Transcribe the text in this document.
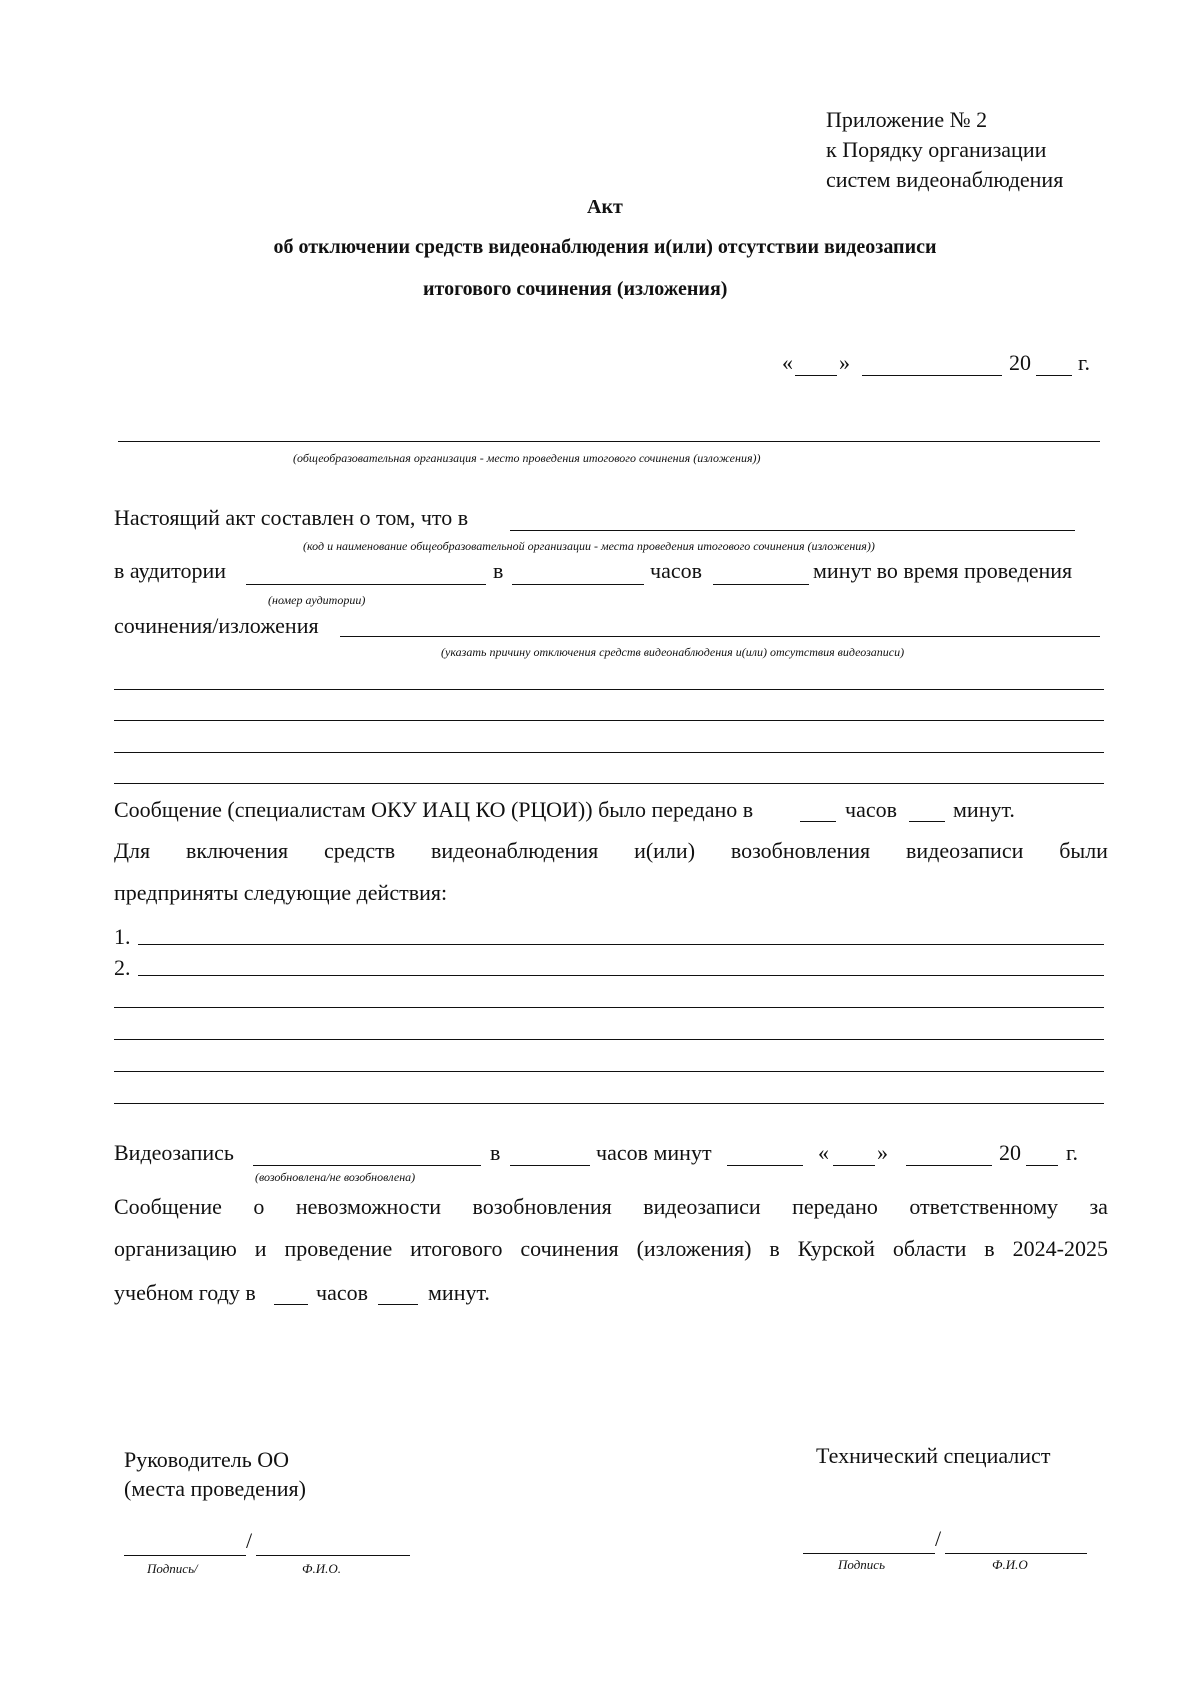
Приложение № 2
к Порядку организации
систем видеонаблюдения
Акт
об отключении средств видеонаблюдения и(или) отсутствии видеозаписи
итогового сочинения (изложения)
« »	20 г.
(общеобразовательная организация - место проведения итогового сочинения (изложения))
Настоящий акт составлен о том, что в
(код и наименование общеобразовательной организации - места проведения итогового сочинения (изложения))
в аудитории	в	часов	минут во время проведения
(номер аудитории)
сочинения/изложения
(указать причину отключения средств видеонаблюдения и(или) отсутствия видеозаписи)
Сообщение (специалистам ОКУ ИАЦ КО (РЦОИ)) было передано в	часов	минут.
Для включения средств видеонаблюдения и(или) возобновления видеозаписи были
предприняты следующие действия:
1.
2.
Видеозапись	в	часов минут	« »	20 г.
(возобновлена/не возобновлена)
Сообщение о невозможности возобновления видеозаписи передано ответственному за
организацию и проведение итогового сочинения (изложения) в Курской области в 2024-2025
учебном году в	часов	минут.
Руководитель ОО
(места проведения)
/
Подпись/	Ф.И.О.
Технический специалист
/
Подпись	Ф.И.О
